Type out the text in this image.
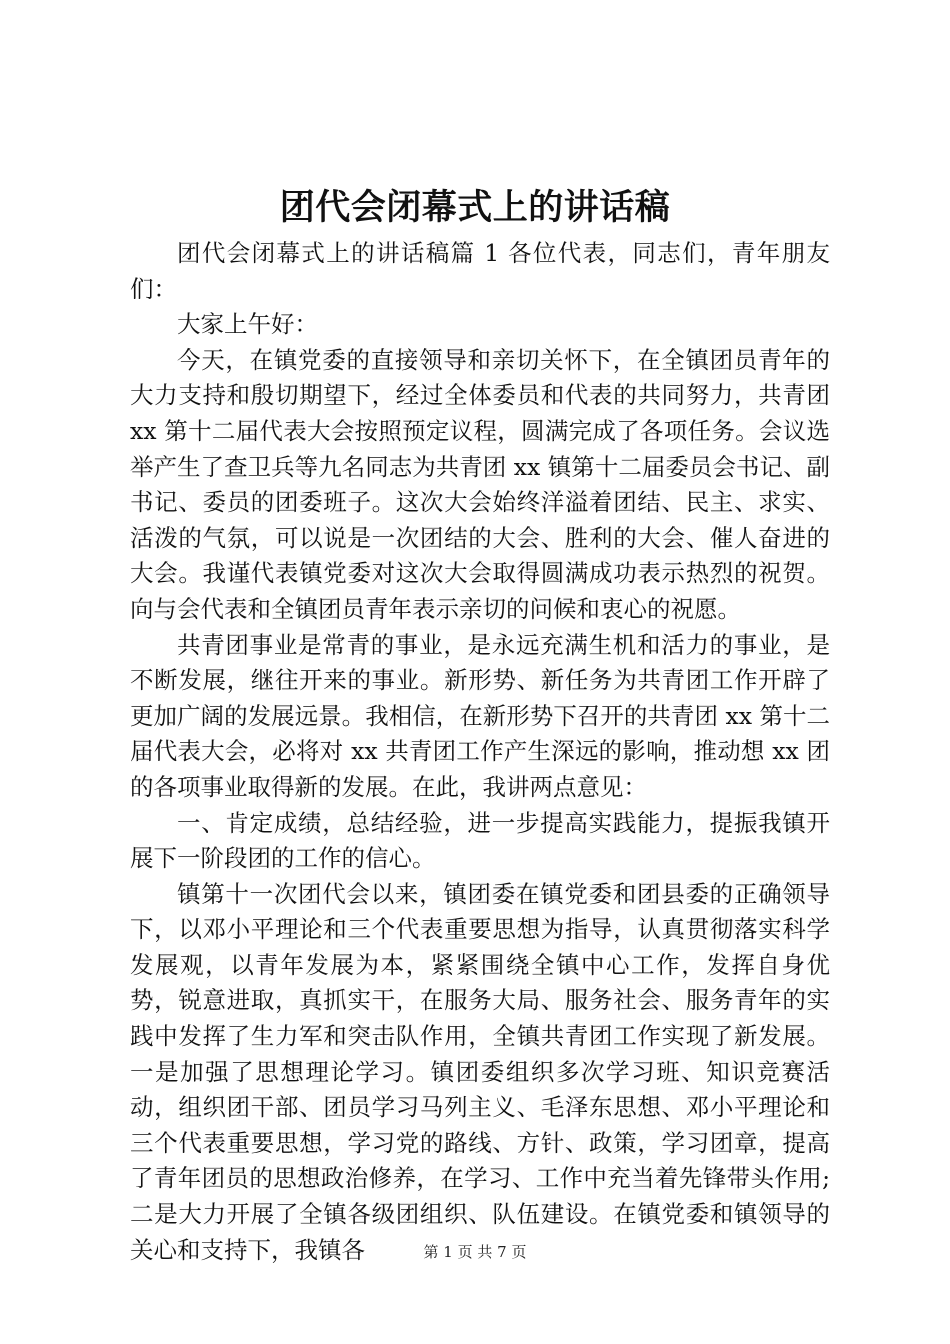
团代会闭幕式上的讲话稿

团代会闭幕式上的讲话稿篇 1 各位代表，同志们，青年朋友们：

大家上午好：

今天，在镇党委的直接领导和亲切关怀下，在全镇团员青年的大力支持和殷切期望下，经过全体委员和代表的共同努力，共青团 xx 第十二届代表大会按照预定议程，圆满完成了各项任务。会议选举产生了查卫兵等九名同志为共青团 xx 镇第十二届委员会书记、副书记、委员的团委班子。这次大会始终洋溢着团结、民主、求实、活泼的气氛，可以说是一次团结的大会、胜利的大会、催人奋进的大会。我谨代表镇党委对这次大会取得圆满成功表示热烈的祝贺。向与会代表和全镇团员青年表示亲切的问候和衷心的祝愿。

共青团事业是常青的事业，是永远充满生机和活力的事业，是不断发展，继往开来的事业。新形势、新任务为共青团工作开辟了更加广阔的发展远景。我相信，在新形势下召开的共青团 xx 第十二届代表大会，必将对 xx 共青团工作产生深远的影响，推动想 xx 团的各项事业取得新的发展。在此，我讲两点意见：

一、肯定成绩，总结经验，进一步提高实践能力，提振我镇开展下一阶段团的工作的信心。

镇第十一次团代会以来，镇团委在镇党委和团县委的正确领导下，以邓小平理论和三个代表重要思想为指导，认真贯彻落实科学发展观，以青年发展为本，紧紧围绕全镇中心工作，发挥自身优势，锐意进取，真抓实干，在服务大局、服务社会、服务青年的实践中发挥了生力军和突击队作用，全镇共青团工作实现了新发展。一是加强了思想理论学习。镇团委组织多次学习班、知识竞赛活动，组织团干部、团员学习马列主义、毛泽东思想、邓小平理论和三个代表重要思想，学习党的路线、方针、政策，学习团章，提高了青年团员的思想政治修养，在学习、工作中充当着先锋带头作用;二是大力开展了全镇各级团组织、队伍建设。在镇党委和镇领导的关心和支持下，我镇各	第 1 页 共 7 页
